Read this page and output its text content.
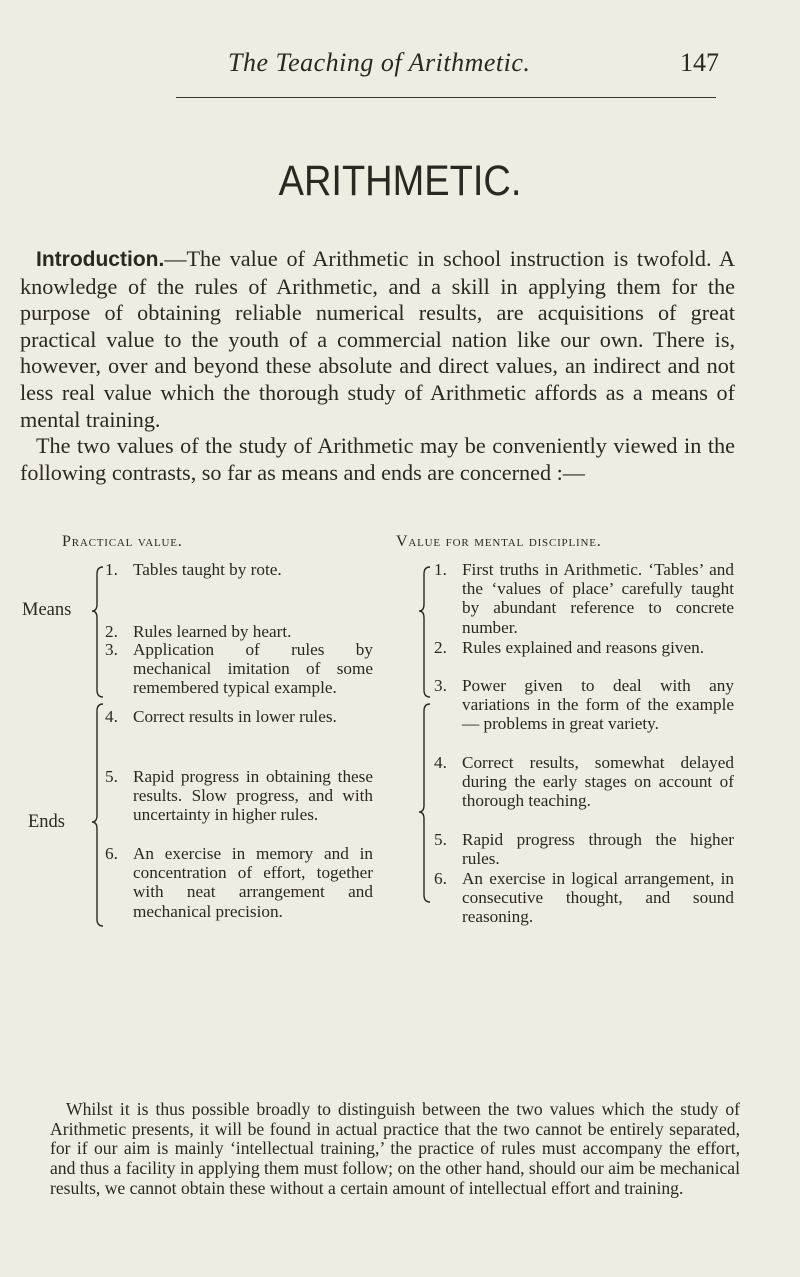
The Teaching of Arithmetic.	147
ARITHMETIC.

Introduction.—The value of Arithmetic in school instruction is twofold. A knowledge of the rules of Arithmetic, and a skill in applying them for the purpose of obtaining reliable numerical results, are acquisitions of great practical value to the youth of a commercial nation like our own. There is, however, over and beyond these absolute and direct values, an indirect and not less real value which the thorough study of Arithmetic affords as a means of mental training.

The two values of the study of Arithmetic may be conveniently viewed in the following contrasts, so far as means and ends are concerned :—

Practical value.	Value for mental discipline.
Means
Ends
1. Tables taught by rote.
2. Rules learned by heart.
3. Application of rules by mechanical imitation of some remembered typical example.
4. Correct results in lower rules.
5. Rapid progress in obtaining these results. Slow progress, and with uncertainty in higher rules.
6. An exercise in memory and in concentration of effort, together with neat arrangement and mechanical precision.
1. First truths in Arithmetic. ‘Tables’ and the ‘values of place’ carefully taught by abundant reference to concrete number.
2. Rules explained and reasons given.
3. Power given to deal with any variations in the form of the example — problems in great variety.
4. Correct results, somewhat delayed during the early stages on account of thorough teaching.
5. Rapid progress through the higher rules.
6. An exercise in logical arrangement, in consecutive thought, and sound reasoning.

Whilst it is thus possible broadly to distinguish between the two values which the study of Arithmetic presents, it will be found in actual practice that the two cannot be entirely separated, for if our aim is mainly ‘intellectual training,’ the practice of rules must accompany the effort, and thus a facility in applying them must follow; on the other hand, should our aim be mechanical results, we cannot obtain these without a certain amount of intellectual effort and training.
